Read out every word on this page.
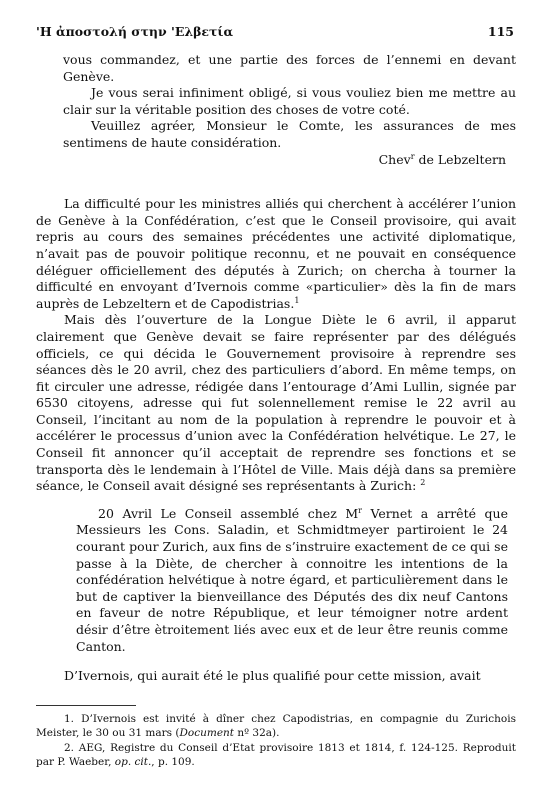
'Η ἀποστολή στην 'Ελβετία	115

vous commandez, et une partie des forces de l’ennemi en devant Genève.

Je vous serai infiniment obligé, si vous vouliez bien me mettre au clair sur la véritable position des choses de votre coté.

Veuillez agréer, Monsieur le Comte, les assurances de mes sentimens de haute considération.

Chev$^r$ de Lebzeltern

La difficulté pour les ministres alliés qui cherchent à accélérer l’union de Genève à la Confédération, c’est que le Conseil provisoire, qui avait repris au cours des semaines précédentes une activité diplomatique, n’avait pas de pouvoir politique reconnu, et ne pouvait en conséquence déléguer officiellement des députés à Zurich; on chercha à tourner la difficulté en envoyant d’Ivernois comme «particulier» dès la fin de mars auprès de Lebzeltern et de Capodistrias.$^1$

Mais dès l’ouverture de la Longue Diète le 6 avril, il apparut clairement que Genève devait se faire représenter par des délégués officiels, ce qui décida le Gouvernement provisoire à reprendre ses séances dès le 20 avril, chez des particuliers d’abord. En même temps, on fit circuler une adresse, rédigée dans l’entourage d’Ami Lullin, signée par 6530 citoyens, adresse qui fut solennellement remise le 22 avril au Conseil, l’incitant au nom de la population à reprendre le pouvoir et à accélérer le processus d’union avec la Confédération helvétique. Le 27, le Conseil fit annoncer qu’il acceptait de reprendre ses fonctions et se transporta dès le lendemain à l’Hôtel de Ville. Mais déjà dans sa première séance, le Conseil avait désigné ses représentants à Zurich: $^2$

20 Avril Le Conseil assemblé chez $M^r$ Vernet a arrêté que Messieurs les Cons. Saladin, et Schmidtmeyer partiroient le 24 courant pour Zurich, aux fins de s’instruire exactement de ce qui se passe à la Diète, de chercher à connoitre les intentions de la confédération helvétique à notre égard, et particulièrement dans le but de captiver la bienveillance des Députés des dix neuf Cantons en faveur de notre République, et leur témoigner notre ardent désir d’être ètroitement liés avec eux et de leur être reunis comme Canton.

D’Ivernois, qui aurait été le plus qualifié pour cette mission, avait

1. D’Ivernois est invité à dîner chez Capodistrias, en compagnie du Zurichois Meister, le 30 ou 31 mars (Document nº 32a).

2. AEG, Registre du Conseil d’Etat provisoire 1813 et 1814, f. 124-125. Reproduit par P. Waeber, op. cit., p. 109.
